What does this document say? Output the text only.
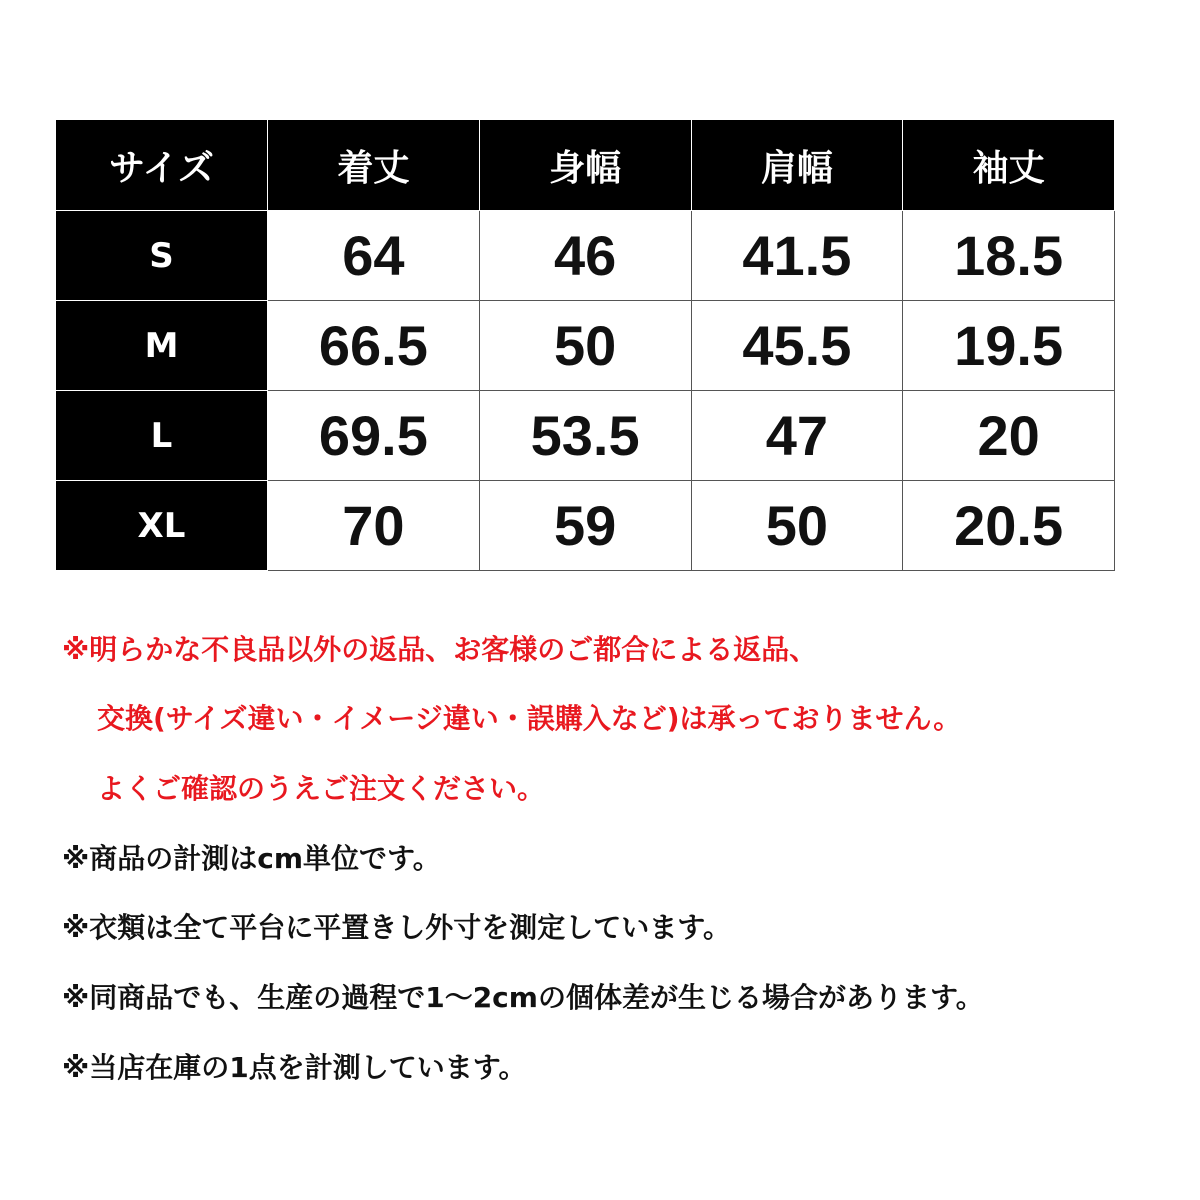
サイズ	着丈	身幅	肩幅	袖丈
S	64	46	41.5	18.5
M	66.5	50	45.5	19.5
L	69.5	53.5	47	20
XL	70	59	50	20.5
※明らかな不良品以外の返品、お客様のご都合による返品、
交換(サイズ違い・イメージ違い・誤購入など)は承っておりません。
よくご確認のうえご注文ください。
※商品の計測はcm単位です。
※衣類は全て平台に平置きし外寸を測定しています。
※同商品でも、生産の過程で1～2cmの個体差が生じる場合があります。
※当店在庫の1点を計測しています。
